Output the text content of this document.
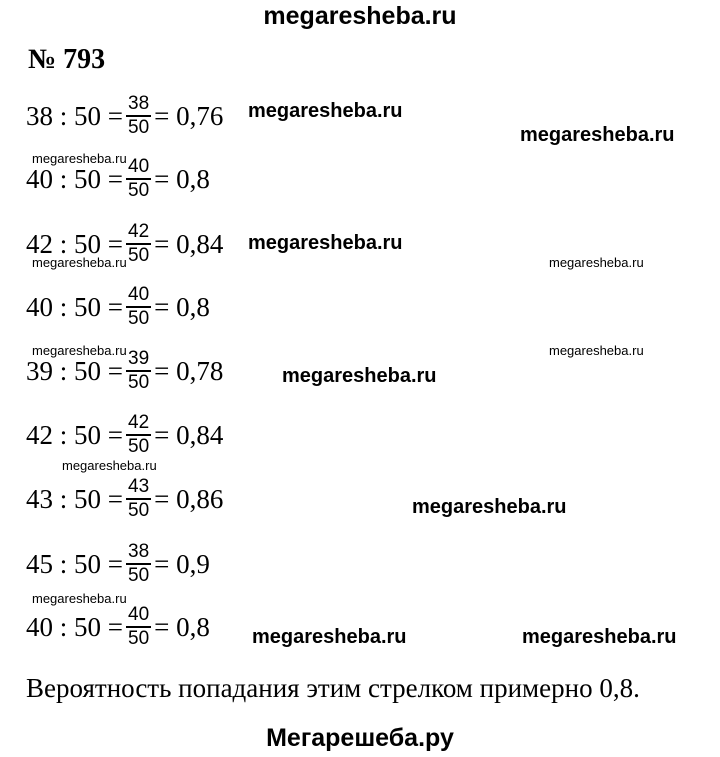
megaresheba.ru
№ 793
38 : $50 = \frac{38}{50} = 0,76$
40 : $50 = \frac{40}{50} = 0,8$
42 : $50 = \frac{42}{50} = 0,84$
40 : $50 = \frac{40}{50} = 0,8$
39 : $50 = \frac{39}{50} = 0,78$
42 : $50 = \frac{42}{50} = 0,84$
43 : $50 = \frac{43}{50} = 0,86$
45 : $50 = \frac{38}{50} = 0,9$
40 : $50 = \frac{40}{50} = 0,8$
megaresheba.ru
megaresheba.ru
megaresheba.ru
megaresheba.ru
megaresheba.ru	megaresheba.ru
megaresheba.ru	megaresheba.ru
megaresheba.ru
megaresheba.ru
megaresheba.ru
megaresheba.ru
megaresheba.ru	megaresheba.ru
Вероятность попадания этим стрелком примерно 0,8.
Мегарешеба.ру
